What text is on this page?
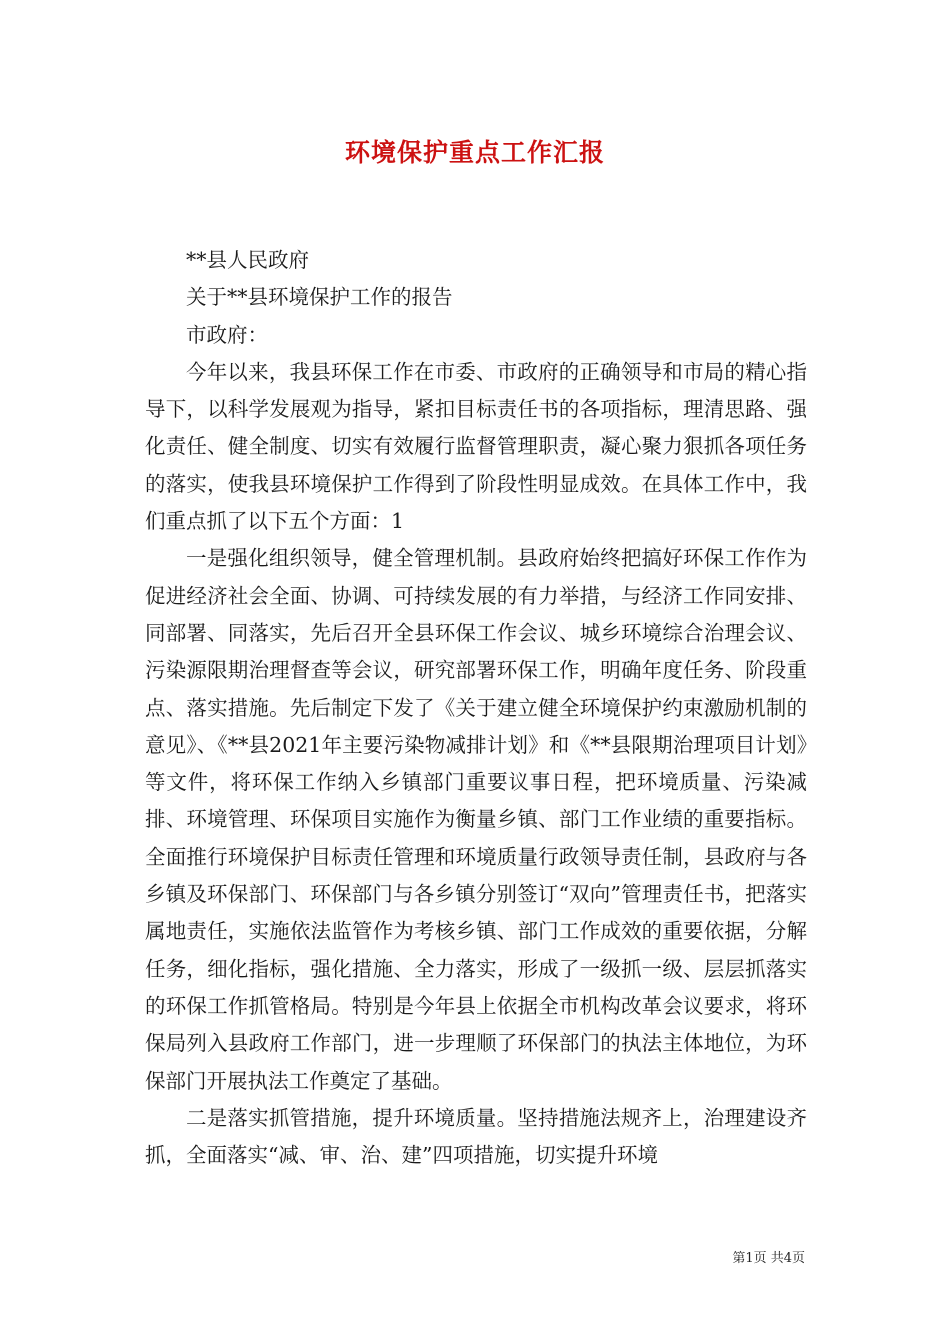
环境保护重点工作汇报

**县人民政府

关于**县环境保护工作的报告

市政府：

今年以来，我县环保工作在市委、市政府的正确领导和市局的精心指导下，以科学发展观为指导，紧扣目标责任书的各项指标，理清思路、强化责任、健全制度、切实有效履行监督管理职责，凝心聚力狠抓各项任务的落实，使我县环境保护工作得到了阶段性明显成效。在具体工作中，我们重点抓了以下五个方面：1

一是强化组织领导，健全管理机制。县政府始终把搞好环保工作作为促进经济社会全面、协调、可持续发展的有力举措，与经济工作同安排、同部署、同落实，先后召开全县环保工作会议、城乡环境综合治理会议、污染源限期治理督查等会议，研究部署环保工作，明确年度任务、阶段重点、落实措施。先后制定下发了《关于建立健全环境保护约束激励机制的意见》、《**县2021年主要污染物减排计划》和《**县限期治理项目计划》等文件，将环保工作纳入乡镇部门重要议事日程，把环境质量、污染减排、环境管理、环保项目实施作为衡量乡镇、部门工作业绩的重要指标。全面推行环境保护目标责任管理和环境质量行政领导责任制，县政府与各乡镇及环保部门、环保部门与各乡镇分别签订“双向”管理责任书，把落实属地责任，实施依法监管作为考核乡镇、部门工作成效的重要依据，分解任务，细化指标，强化措施、全力落实，形成了一级抓一级、层层抓落实的环保工作抓管格局。特别是今年县上依据全市机构改革会议要求，将环保局列入县政府工作部门，进一步理顺了环保部门的执法主体地位，为环保部门开展执法工作奠定了基础。

二是落实抓管措施，提升环境质量。坚持措施法规齐上，治理建设齐抓，全面落实“减、审、治、建”四项措施，切实提升环境

第1页 共4页
